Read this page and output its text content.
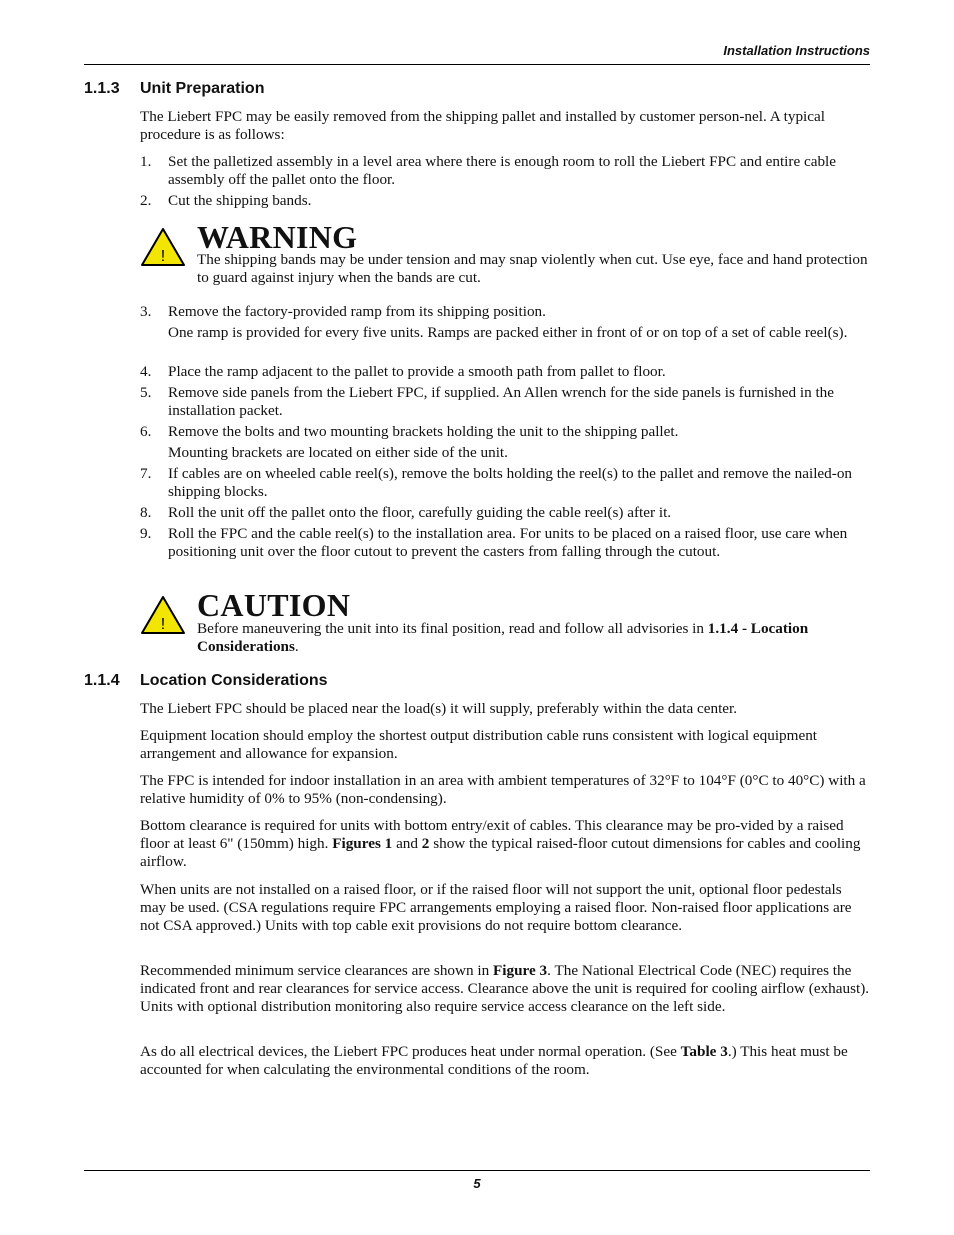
Installation Instructions
1.1.3 Unit Preparation

The Liebert FPC may be easily removed from the shipping pallet and installed by customer person-nel. A typical procedure is as follows:

1. Set the palletized assembly in a level area where there is enough room to roll the Liebert FPC and entire cable assembly off the pallet onto the floor.
2. Cut the shipping bands.
!
WARNING

The shipping bands may be under tension and may snap violently when cut. Use eye, face and hand protection to guard against injury when the bands are cut.

3. Remove the factory-provided ramp from its shipping position.

One ramp is provided for every five units. Ramps are packed either in front of or on top of a set of cable reel(s).

4. Place the ramp adjacent to the pallet to provide a smooth path from pallet to floor.
5. Remove side panels from the Liebert FPC, if supplied. An Allen wrench for the side panels is furnished in the installation packet.
6. Remove the bolts and two mounting brackets holding the unit to the shipping pallet.

Mounting brackets are located on either side of the unit.

7. If cables are on wheeled cable reel(s), remove the bolts holding the reel(s) to the pallet and remove the nailed-on shipping blocks.
8. Roll the unit off the pallet onto the floor, carefully guiding the cable reel(s) after it.
9. Roll the FPC and the cable reel(s) to the installation area. For units to be placed on a raised floor, use care when positioning unit over the floor cutout to prevent the casters from falling through the cutout.
!
CAUTION

Before maneuvering the unit into its final position, read and follow all advisories in 1.1.4 - Location Considerations.

1.1.4 Location Considerations

The Liebert FPC should be placed near the load(s) it will supply, preferably within the data center.

Equipment location should employ the shortest output distribution cable runs consistent with logical equipment arrangement and allowance for expansion.

The FPC is intended for indoor installation in an area with ambient temperatures of 32°F to 104°F (0°C to 40°C) with a relative humidity of 0% to 95% (non-condensing).

Bottom clearance is required for units with bottom entry/exit of cables. This clearance may be pro-vided by a raised floor at least 6" (150mm) high. Figures 1 and 2 show the typical raised-floor cutout dimensions for cables and cooling airflow.

When units are not installed on a raised floor, or if the raised floor will not support the unit, optional floor pedestals may be used. (CSA regulations require FPC arrangements employing a raised floor. Non-raised floor applications are not CSA approved.) Units with top cable exit provisions do not require bottom clearance.

Recommended minimum service clearances are shown in Figure 3. The National Electrical Code (NEC) requires the indicated front and rear clearances for service access. Clearance above the unit is required for cooling airflow (exhaust). Units with optional distribution monitoring also require service access clearance on the left side.

As do all electrical devices, the Liebert FPC produces heat under normal operation. (See Table 3.) This heat must be accounted for when calculating the environmental conditions of the room.

5
